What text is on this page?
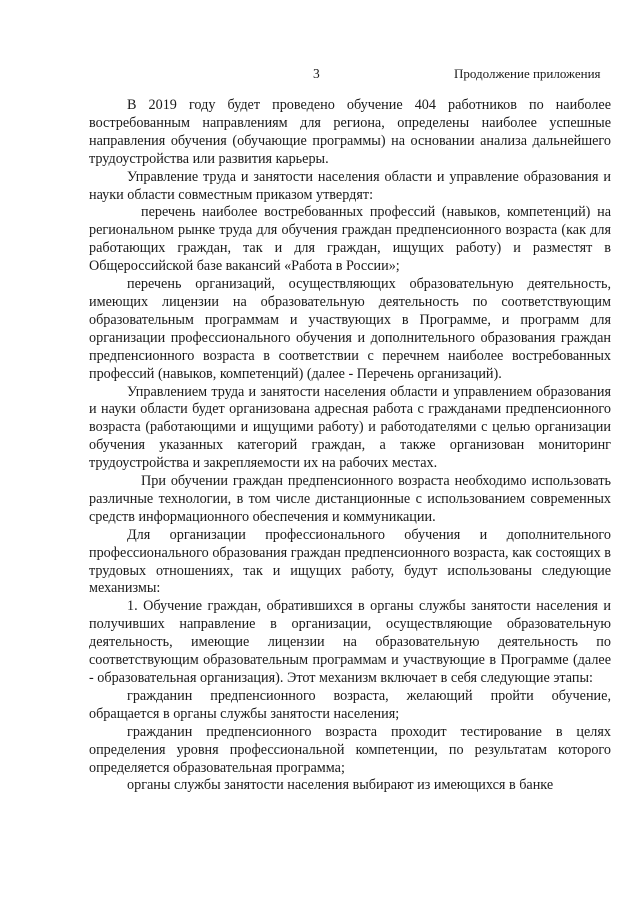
3	Продолжение приложения

В 2019 году будет проведено обучение 404 работников по наиболее востребованным направлениям для региона, определены наиболее успешные направления обучения (обучающие программы) на основании анализа дальнейшего трудоустройства или развития карьеры.

Управление труда и занятости населения области и управление образования и науки области совместным приказом утвердят:

перечень наиболее востребованных профессий (навыков, компетенций) на региональном рынке труда для обучения граждан предпенсионного возраста (как для работающих граждан, так и для граждан, ищущих работу) и разместят в Общероссийской базе вакансий «Работа в России»;

перечень организаций, осуществляющих образовательную деятельность, имеющих лицензии на образовательную деятельность по соответствующим образовательным программам и участвующих в Программе, и программ для организации профессионального обучения и дополнительного образования граждан предпенсионного возраста в соответствии с перечнем наиболее востребованных профессий (навыков, компетенций) (далее - Перечень организаций).

Управлением труда и занятости населения области и управлением образования и науки области будет организована адресная работа с гражданами предпенсионного возраста (работающими и ищущими работу) и работодателями с целью организации обучения указанных категорий граждан, а также организован мониторинг трудоустройства и закрепляемости их на рабочих местах.

При обучении граждан предпенсионного возраста необходимо использовать различные технологии, в том числе дистанционные с использованием современных средств информационного обеспечения и коммуникации.

Для организации профессионального обучения и дополнительного профессионального образования граждан предпенсионного возраста, как состоящих в трудовых отношениях, так и ищущих работу, будут использованы следующие механизмы:

1. Обучение граждан, обратившихся в органы службы занятости населения и получивших направление в организации, осуществляющие образовательную деятельность, имеющие лицензии на образовательную деятельность по соответствующим образовательным программам и участвующие в Программе (далее - образовательная организация). Этот механизм включает в себя следующие этапы:

гражданин предпенсионного возраста, желающий пройти обучение, обращается в органы службы занятости населения;

гражданин предпенсионного возраста проходит тестирование в целях определения уровня профессиональной компетенции, по результатам которого определяется образовательная программа;

органы службы занятости населения выбирают из имеющихся в банке
